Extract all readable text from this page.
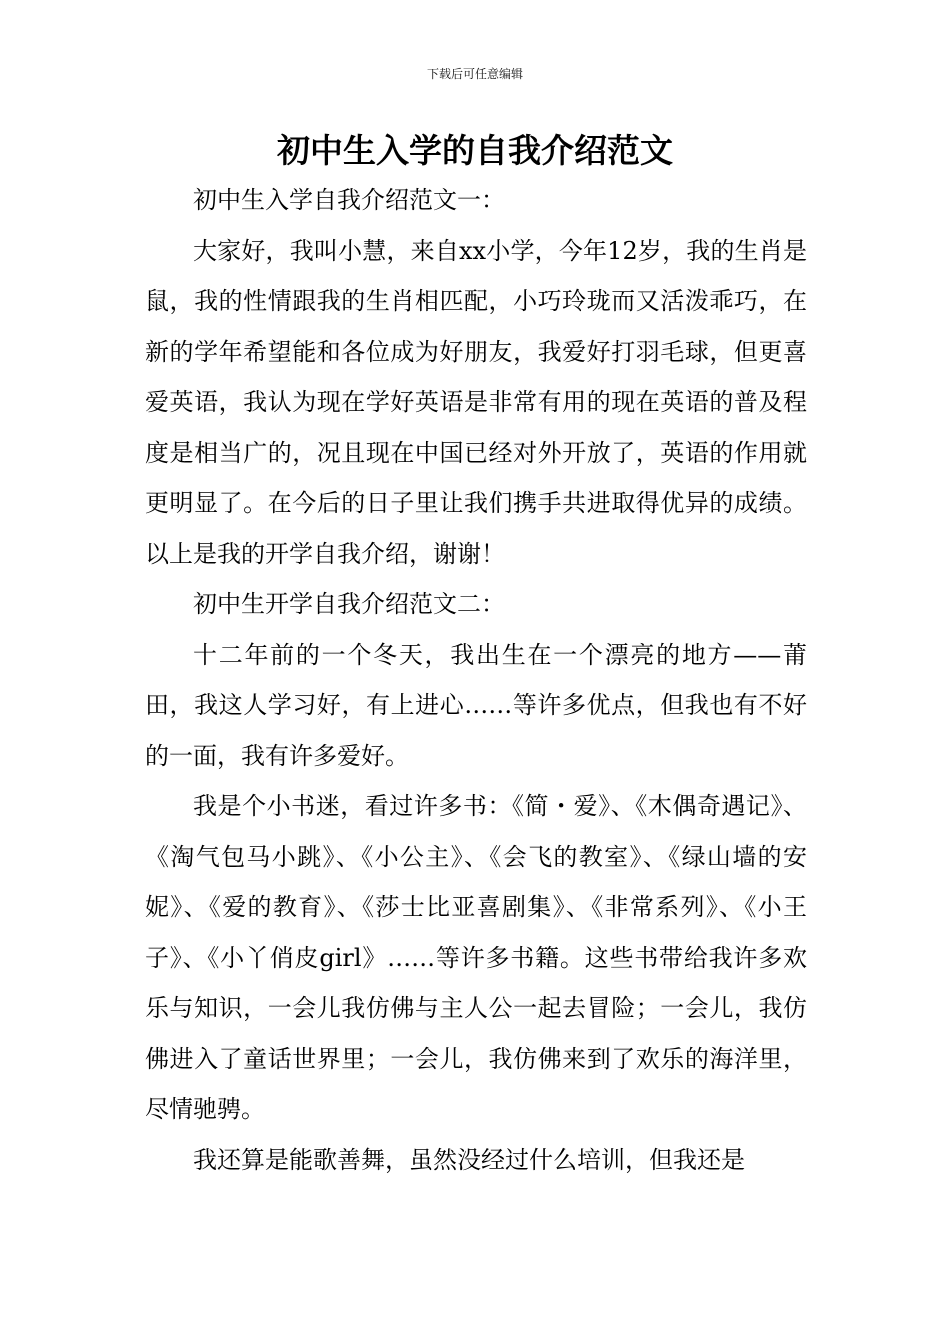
下载后可任意编辑
初中生入学的自我介绍范文

初中生入学自我介绍范文一：

大家好，我叫小慧，来自xx小学，今年12岁，我的生肖是鼠，我的性情跟我的生肖相匹配，小巧玲珑而又活泼乖巧，在新的学年希望能和各位成为好朋友，我爱好打羽毛球，但更喜爱英语，我认为现在学好英语是非常有用的现在英语的普及程度是相当广的，况且现在中国已经对外开放了，英语的作用就更明显了。在今后的日子里让我们携手共进取得优异的成绩。以上是我的开学自我介绍，谢谢！

初中生开学自我介绍范文二：

十二年前的一个冬天，我出生在一个漂亮的地方——莆田，我这人学习好，有上进心……等许多优点，但我也有不好的一面，我有许多爱好。

我是个小书迷，看过许多书：《简・爱》、《木偶奇遇记》、《淘气包马小跳》、《小公主》、《会飞的教室》、《绿山墙的安妮》、《爱的教育》、《莎士比亚喜剧集》、《非常系列》、《小王子》、《小丫俏皮girl》……等许多书籍。这些书带给我许多欢乐与知识，一会儿我仿佛与主人公一起去冒险；一会儿，我仿佛进入了童话世界里；一会儿，我仿佛来到了欢乐的海洋里，尽情驰骋。

我还算是能歌善舞，虽然没经过什么培训，但我还是
